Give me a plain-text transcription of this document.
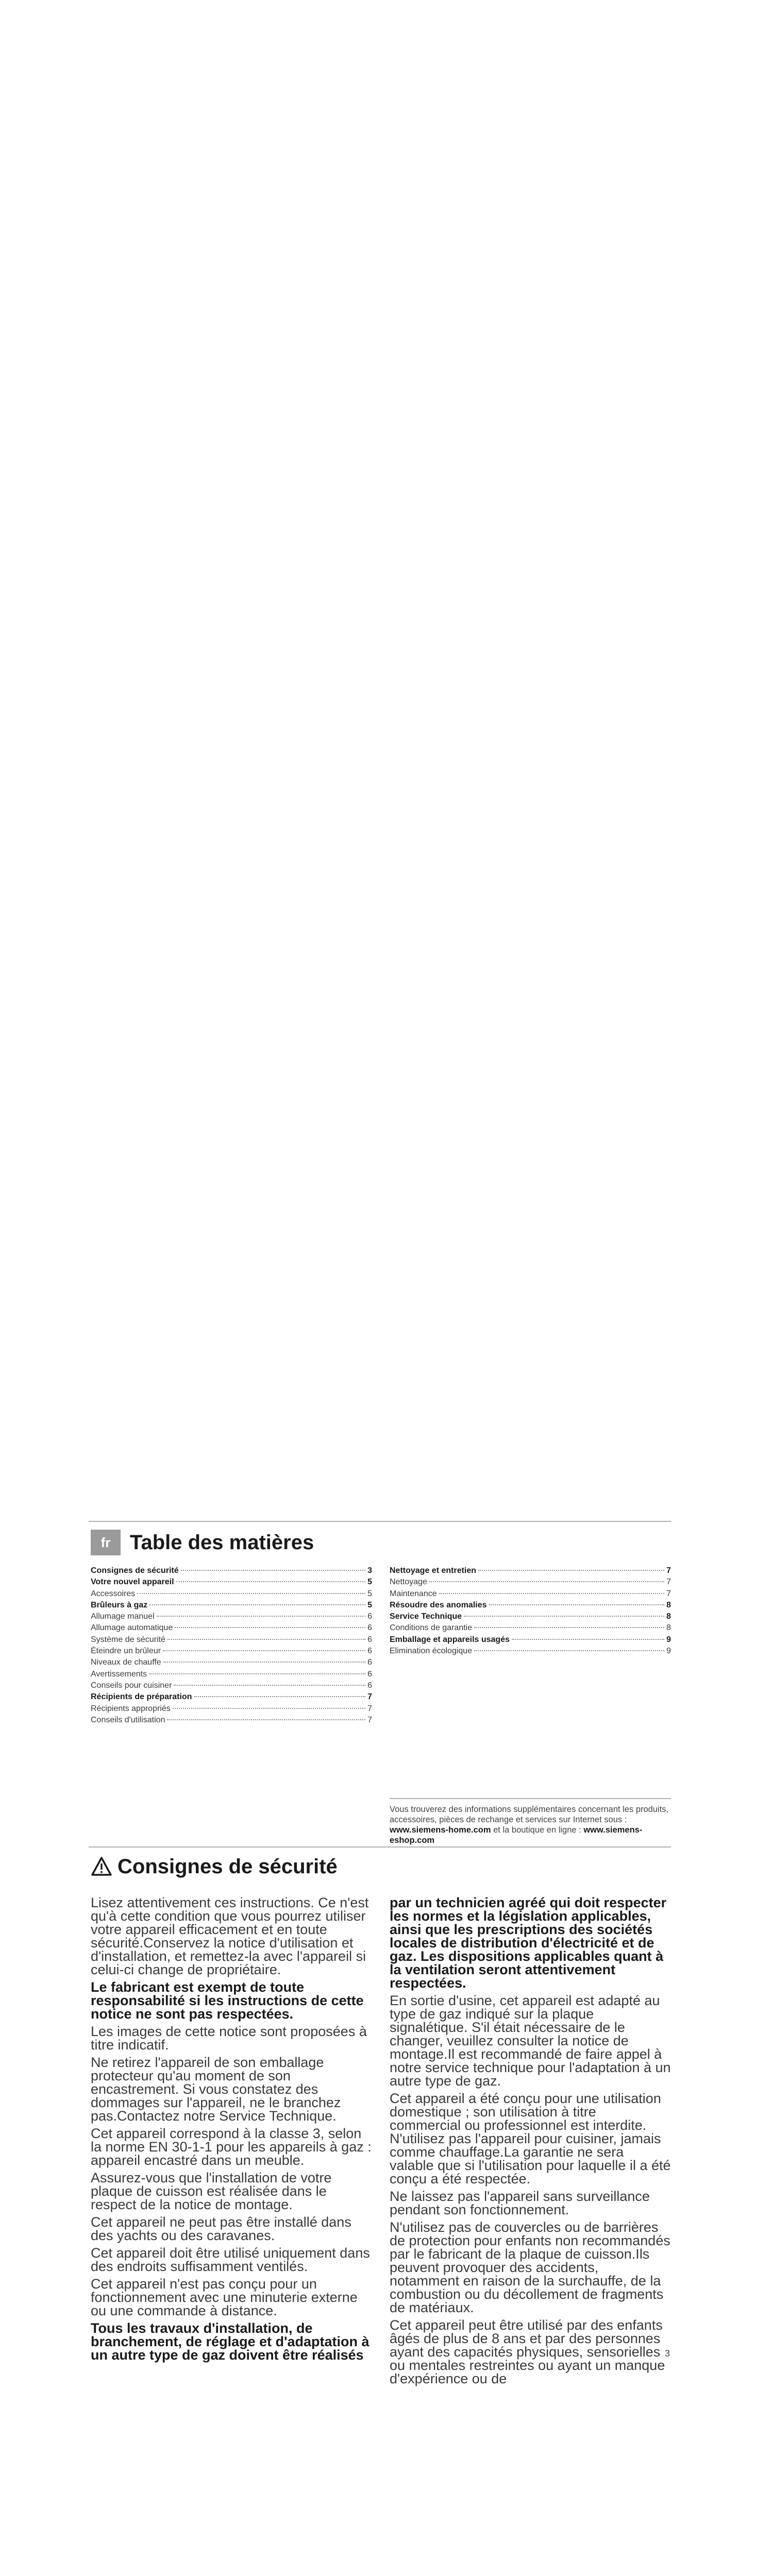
fr Table des matières
Consignes de sécurité	3
Votre nouvel appareil	5
Accessoires	5
Brûleurs à gaz	5
Allumage manuel	6
Allumage automatique	6
Système de sécurité	6
Éteindre un brûleur	6
Niveaux de chauffe	6
Avertissements	6
Conseils pour cuisiner	6
Récipients de préparation	7
Récipients appropriés	7
Conseils d'utilisation	7
Nettoyage et entretien	7
Nettoyage	7
Maintenance	7
Résoudre des anomalies	8
Service Technique	8
Conditions de garantie	8
Emballage et appareils usagés	9
Elimination écologique	9
Vous trouverez des informations supplémentaires concernant les produits, accessoires, pièces de rechange et services sur Internet sous : www.siemens-home.com et la boutique en ligne : www.siemens-eshop.com
Consignes de sécurité

Lisez attentivement ces instructions. Ce n'est qu'à cette condition que vous pourrez utiliser votre appareil efficacement et en toute sécurité.Conservez la notice d'utilisation et d'installation, et remettez-la avec l'appareil si celui-ci change de propriétaire.

Le fabricant est exempt de toute responsabilité si les instructions de cette notice ne sont pas respectées.

Les images de cette notice sont proposées à titre indicatif.

Ne retirez l'appareil de son emballage protecteur qu'au moment de son encastrement. Si vous constatez des dommages sur l'appareil, ne le branchez pas.Contactez notre Service Technique.

Cet appareil correspond à la classe 3, selon la norme EN 30-1-1 pour les appareils à gaz : appareil encastré dans un meuble.

Assurez-vous que l'installation de votre plaque de cuisson est réalisée dans le respect de la notice de montage.

Cet appareil ne peut pas être installé dans des yachts ou des caravanes.

Cet appareil doit être utilisé uniquement dans des endroits suffisamment ventilés.

Cet appareil n'est pas conçu pour un fonctionnement avec une minuterie externe ou une commande à distance.

Tous les travaux d'installation, de branchement, de réglage et d'adaptation à un autre type de gaz doivent être réalisés

par un technicien agréé qui doit respecter les normes et la législation applicables, ainsi que les prescriptions des sociétés locales de distribution d'électricité et de gaz. Les dispositions applicables quant à la ventilation seront attentivement respectées.

En sortie d'usine, cet appareil est adapté au type de gaz indiqué sur la plaque signalétique. S'il était nécessaire de le changer, veuillez consulter la notice de montage.Il est recommandé de faire appel à notre service technique pour l'adaptation à un autre type de gaz.

Cet appareil a été conçu pour une utilisation domestique ; son utilisation à titre commercial ou professionnel est interdite. N'utilisez pas l'appareil pour cuisiner, jamais comme chauffage.La garantie ne sera valable que si l'utilisation pour laquelle il a été conçu a été respectée.

Ne laissez pas l'appareil sans surveillance pendant son fonctionnement.

N'utilisez pas de couvercles ou de barrières de protection pour enfants non recommandés par le fabricant de la plaque de cuisson.Ils peuvent provoquer des accidents, notamment en raison de la surchauffe, de la combustion ou du décollement de fragments de matériaux.

Cet appareil peut être utilisé par des enfants âgés de plus de 8 ans et par des personnes ayant des capacités physiques, sensorielles ou mentales restreintes ou ayant un manque d'expérience ou de

3
